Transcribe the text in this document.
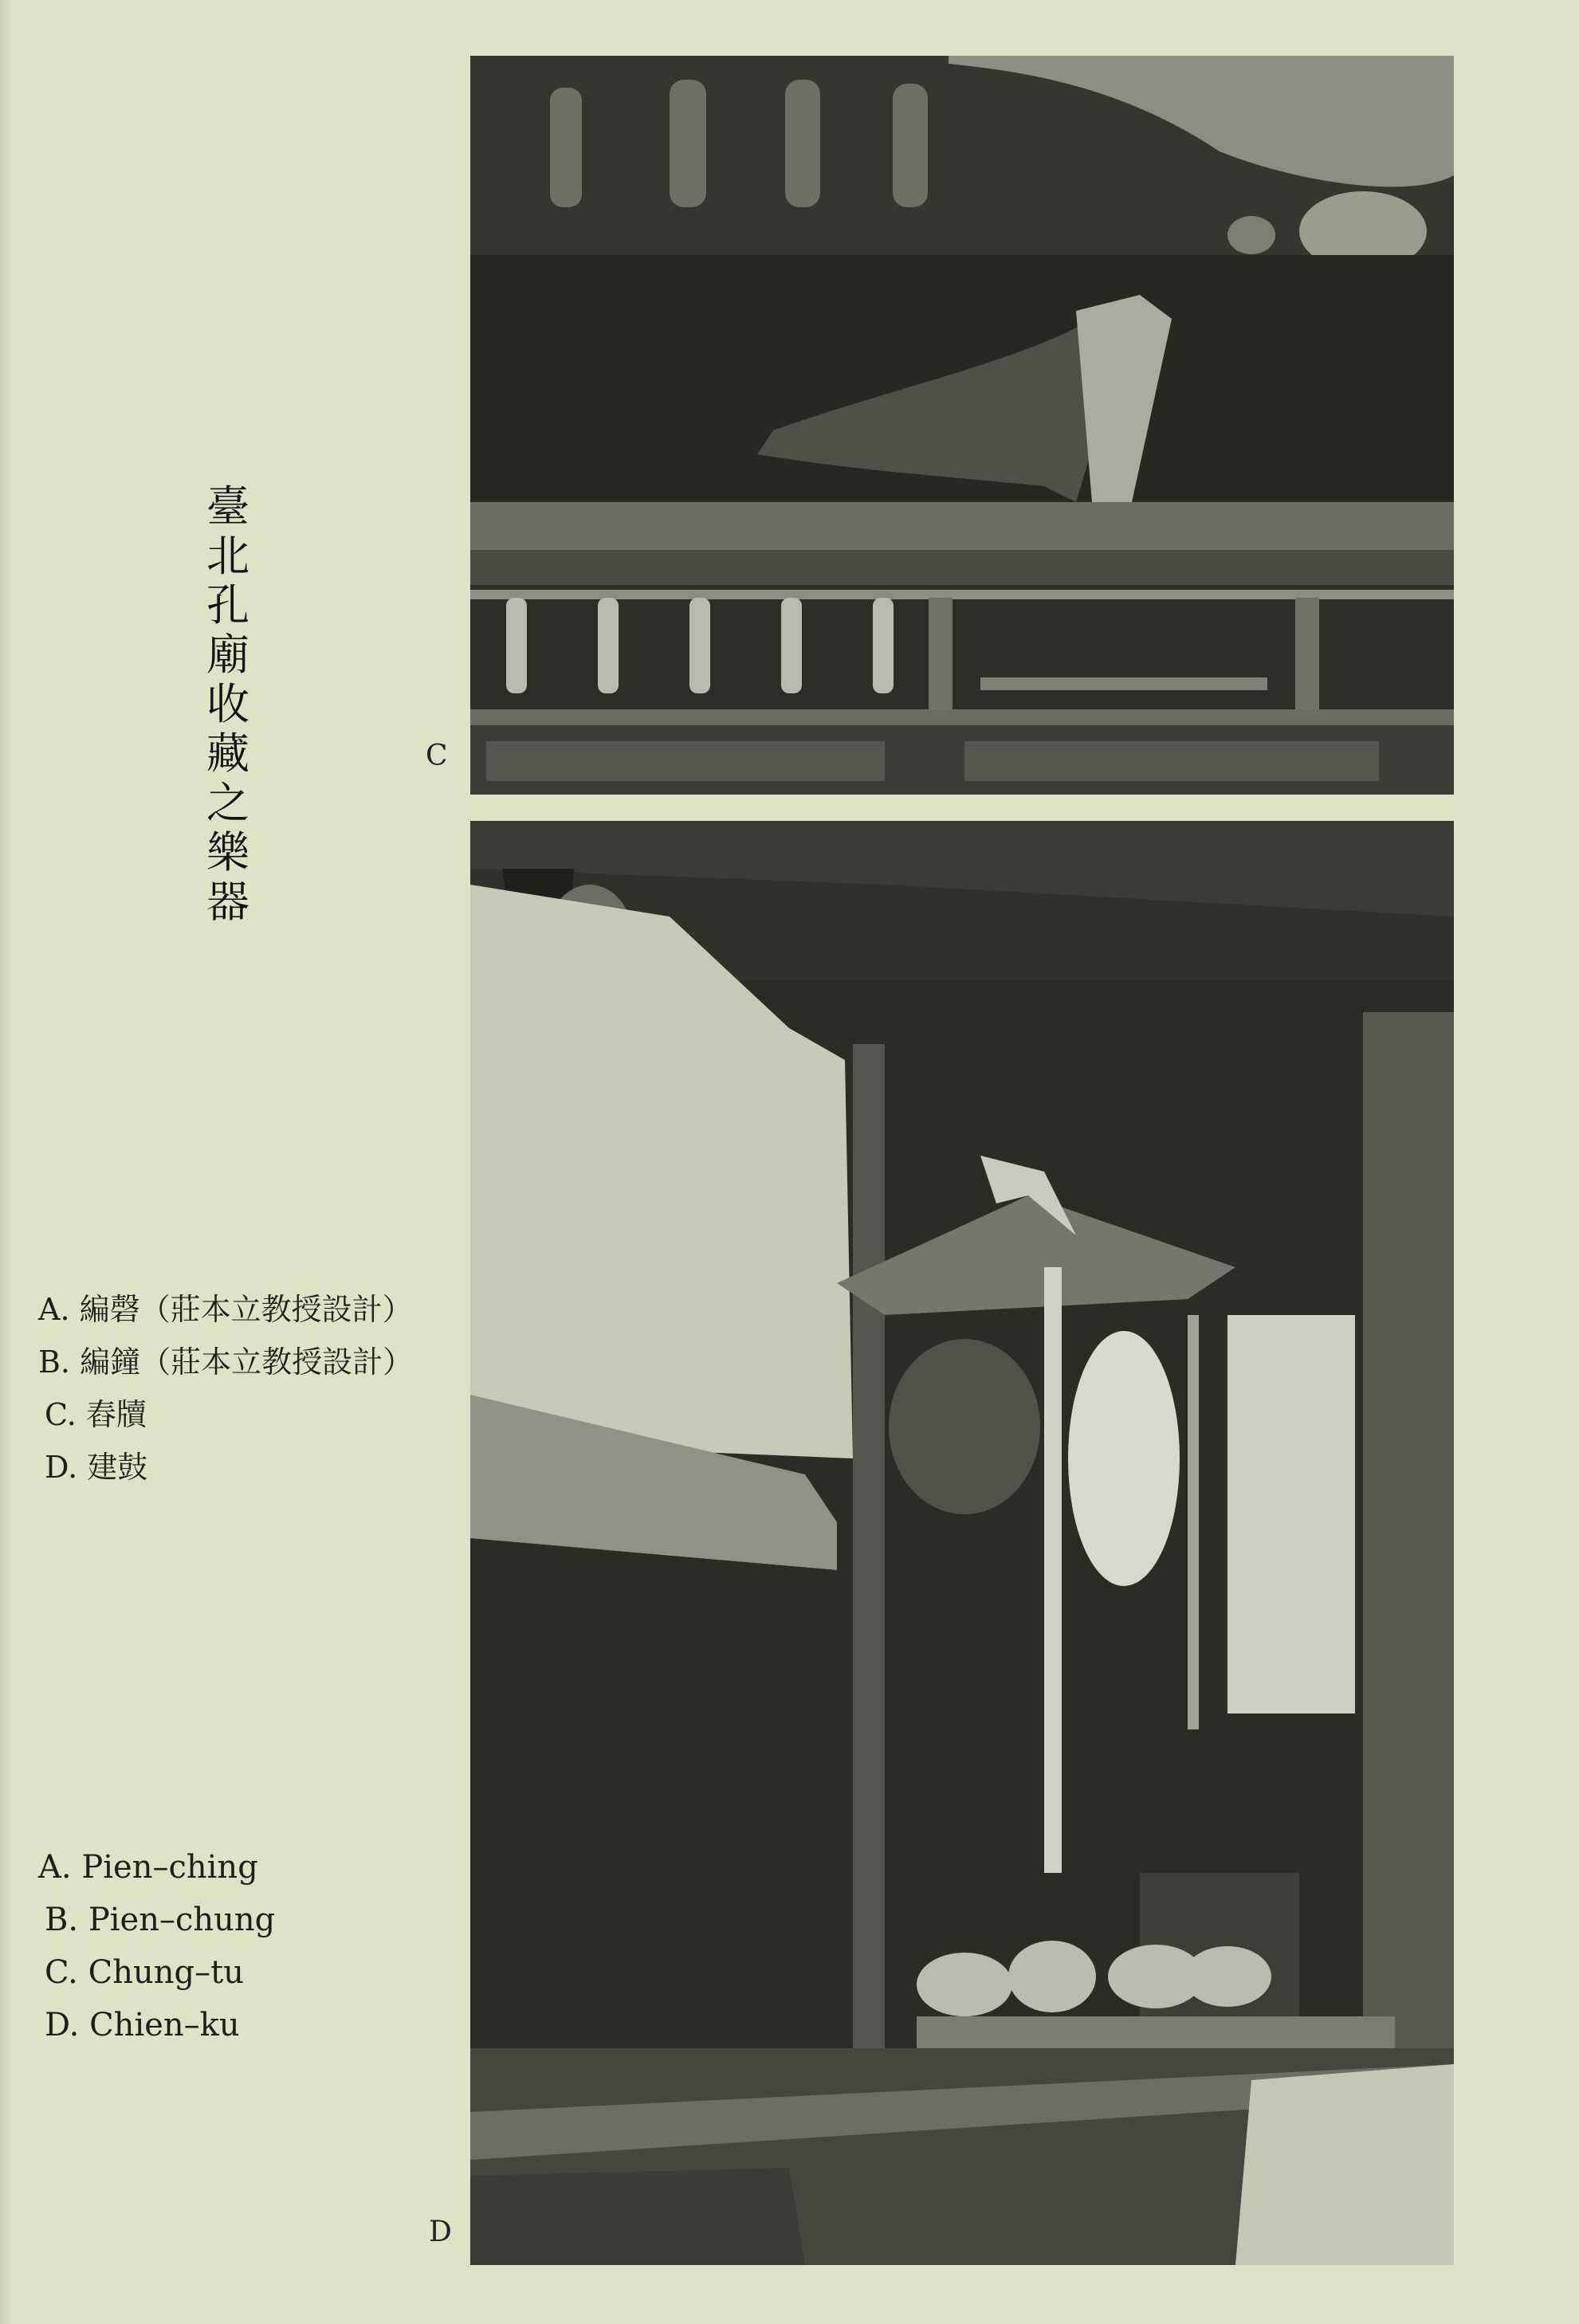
C
D
臺
北
孔
廟
收
藏
之
樂
器
A. 編磬（莊本立教授設計）
B. 編鐘（莊本立教授設計）
C. 舂牘
D. 建鼓
A. Pien–ching
B. Pien–chung
C. Chung–tu
D. Chien–ku
